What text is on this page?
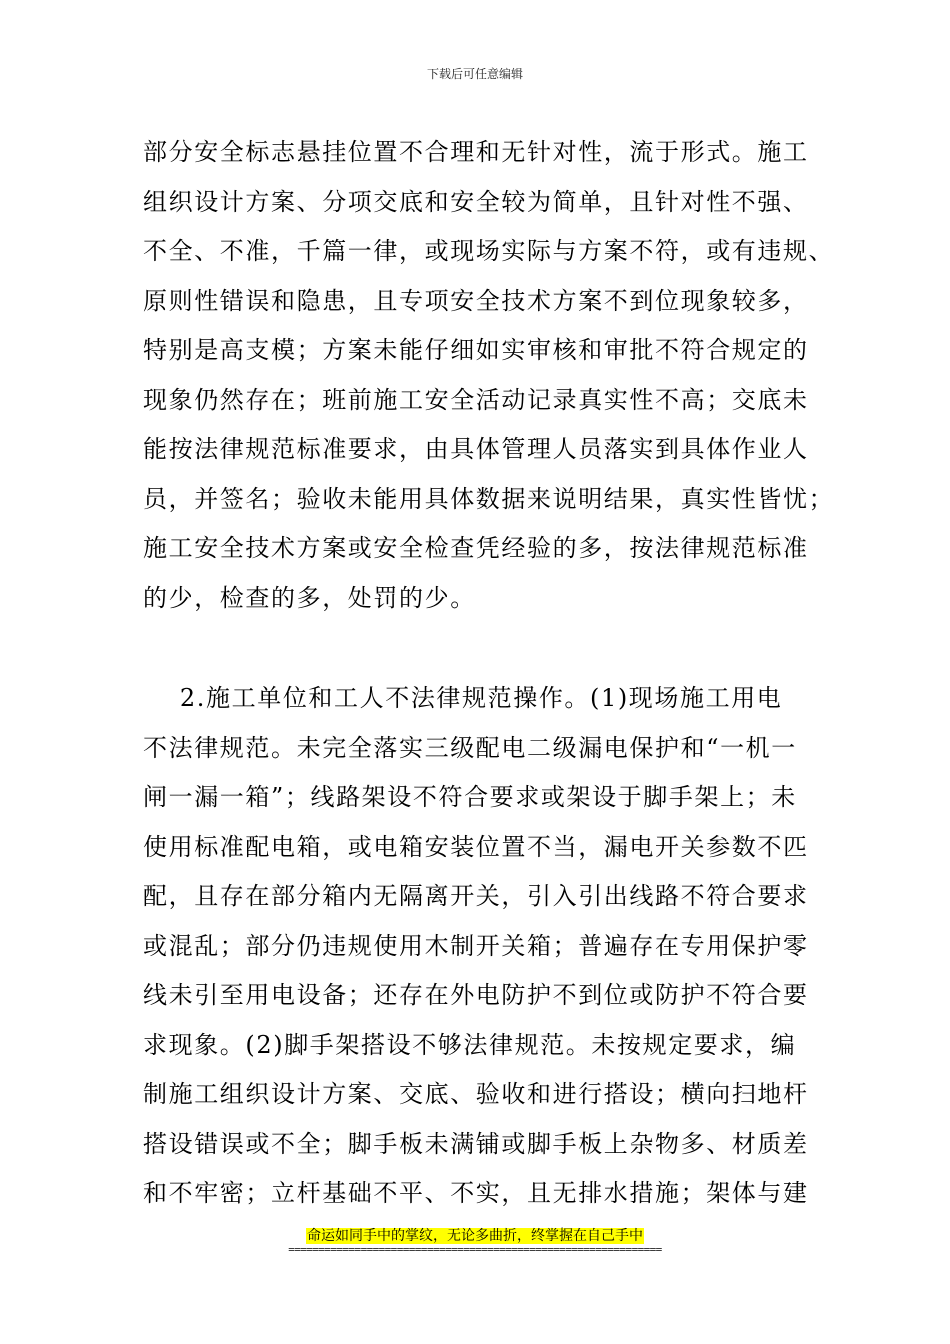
下载后可任意编辑
部分安全标志悬挂位置不合理和无针对性，流于形式。施工
组织设计方案、分项交底和安全较为简单，且针对性不强、
不全、不准，千篇一律，或现场实际与方案不符，或有违规、
原则性错误和隐患，且专项安全技术方案不到位现象较多，
特别是高支模；方案未能仔细如实审核和审批不符合规定的
现象仍然存在；班前施工安全活动记录真实性不高；交底未
能按法律规范标准要求，由具体管理人员落实到具体作业人
员，并签名；验收未能用具体数据来说明结果，真实性皆忧；
施工安全技术方案或安全检查凭经验的多，按法律规范标准
的少，检查的多，处罚的少。
2.施工单位和工人不法律规范操作。(1)现场施工用电
不法律规范。未完全落实三级配电二级漏电保护和“一机一
闸一漏一箱”；线路架设不符合要求或架设于脚手架上；未
使用标准配电箱，或电箱安装位置不当，漏电开关参数不匹
配，且存在部分箱内无隔离开关，引入引出线路不符合要求
或混乱；部分仍违规使用木制开关箱；普遍存在专用保护零
线未引至用电设备；还存在外电防护不到位或防护不符合要
求现象。(2)脚手架搭设不够法律规范。未按规定要求，编
制施工组织设计方案、交底、验收和进行搭设；横向扫地杆
搭设错误或不全；脚手板未满铺或脚手板上杂物多、材质差
和不牢密；立杆基础不平、不实，且无排水措施；架体与建
命运如同手中的掌纹，无论多曲折，终掌握在自己手中
==============================================================
